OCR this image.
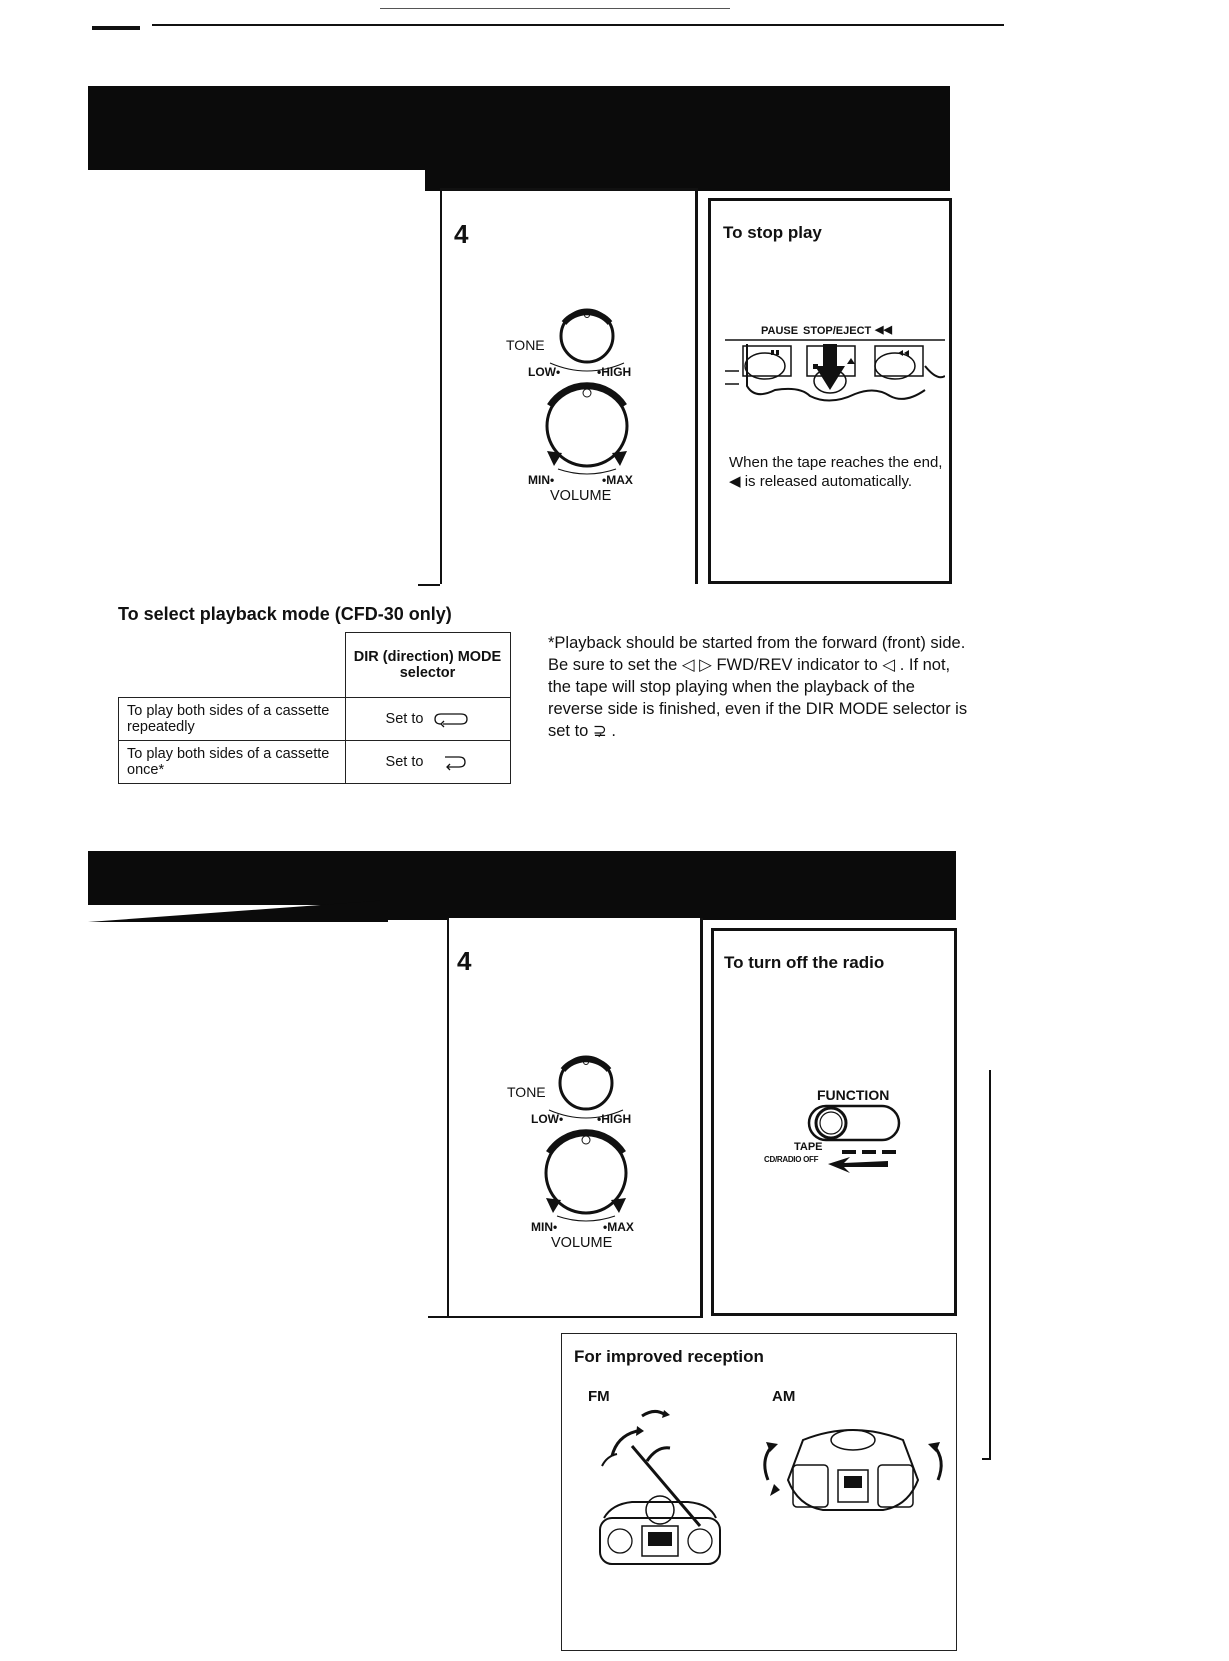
4
TONE
LOW•	•HIGH
MIN•	•MAX
VOLUME
To stop play
PAUSE STOP/EJECT ◀◀
When the tape reaches the end, ◀ is released automatically.
To select playback mode (CFD-30 only)
	DIR (direction) MODE selector
To play both sides of a cassette repeatedly	Set to
To play both sides of a cassette once*	Set to
*Playback should be started from the forward (front) side. Be sure to set the ◁ ▷ FWD/REV indicator to ◁ . If not, the tape will stop playing when the playback of the reverse side is finished, even if the DIR MODE selector is set to ⊋ .
4
TONE
LOW•	•HIGH
MIN•	•MAX
VOLUME
To turn off the radio
FUNCTION
TAPE
CD/RADIO OFF
For improved reception
FM	AM
